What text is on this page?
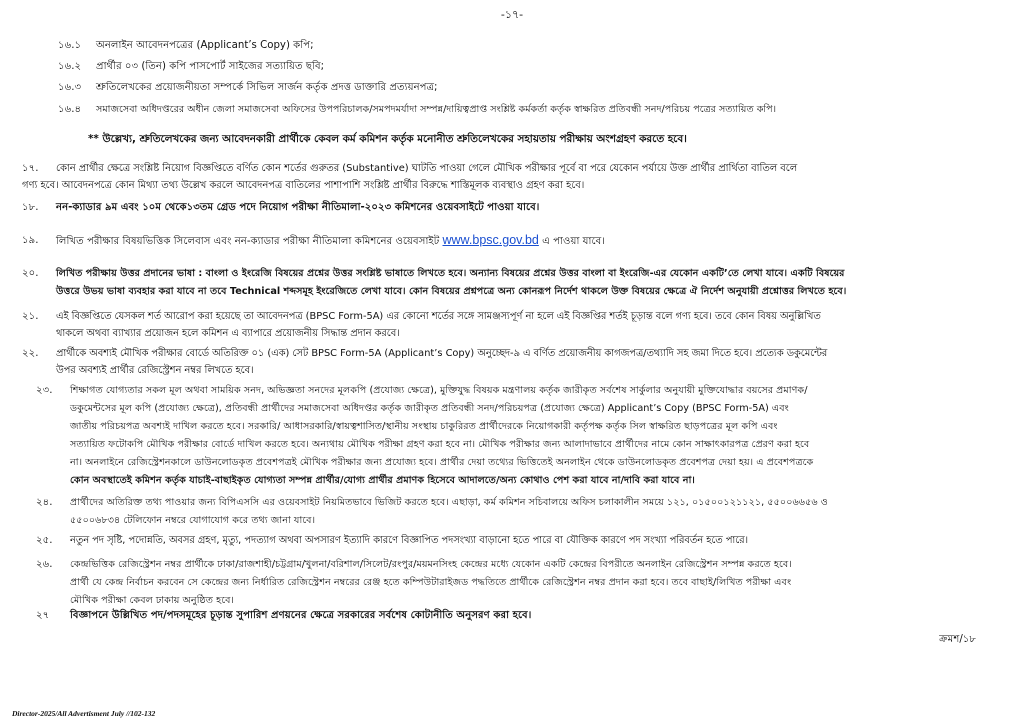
-১৭-
১৬.১ অনলাইন আবেদনপত্রের (Applicant’s Copy) কপি;
১৬.২ প্রার্থীর ০৩ (তিন) কপি পাসপোর্ট সাইজের সত্যায়িত ছবি;
১৬.৩ শ্রুতিলেখকের প্রয়োজনীয়তা সম্পর্কে সিভিল সার্জন কর্তৃক প্রদত্ত ডাক্তারি প্রত্যয়নপত্র;
১৬.৪ সমাজসেবা অধিদপ্তরের অধীন জেলা সমাজসেবা অফিসের উপপরিচালক/সমপদমর্যাদা সম্পন্ন/দায়িত্বপ্রাপ্ত সংশ্লিষ্ট কর্মকর্তা কর্তৃক স্বাক্ষরিত প্রতিবন্ধী সনদ/পরিচয় পত্রের সত্যায়িত কপি।
** উল্লেখ্য, শ্রুতিলেখকের জন্য আবেদনকারী প্রার্থীকে কেবল কর্ম কমিশন কর্তৃক মনোনীত শ্রুতিলেখকের সহায়তায় পরীক্ষায় অংশগ্রহণ করতে হবে।
১৭. কোন প্রার্থীর ক্ষেত্রে সংশ্লিষ্ট নিয়োগ বিজ্ঞপ্তিতে বর্ণিত কোন শর্তের গুরুতর (Substantive) ঘাটতি পাওয়া গেলে মৌখিক পরীক্ষার পূর্বে বা পরে যেকোন পর্যায়ে উক্ত প্রার্থীর প্রার্থিতা বাতিল বলে
গণ্য হবে। আবেদনপত্রে কোন মিথ্যা তথ্য উল্লেখ করলে আবেদনপত্র বাতিলের পাশাপাশি সংশ্লিষ্ট প্রার্থীর বিরুদ্ধে শাস্তিমূলক ব্যবস্থাও গ্রহণ করা হবে।
১৮. নন-ক্যাডার ৯ম এবং ১০ম থেকে১৩তম গ্রেড পদে নিয়োগ পরীক্ষা নীতিমালা-২০২৩ কমিশনের ওয়েবসাইটে পাওয়া যাবে।
১৯. লিখিত পরীক্ষার বিষয়ভিত্তিক সিলেবাস এবং নন-ক্যাডার পরীক্ষা নীতিমালা কমিশনের ওয়েবসাইট www.bpsc.gov.bd এ পাওয়া যাবে।
২০. লিখিত পরীক্ষায় উত্তর প্রদানের ভাষা : বাংলা ও ইংরেজি বিষয়ের প্রশ্নের উত্তর সংশ্লিষ্ট ভাষাতে লিখতে হবে। অন্যান্য বিষয়ের প্রশ্নের উত্তর বাংলা বা ইংরেজি-এর যেকোন একটি’তে লেখা যাবে। একটি বিষয়ের
উত্তরে উভয় ভাষা ব্যবহার করা যাবে না তবে Technical শব্দসমূহ ইংরেজিতে লেখা যাবে। কোন বিষয়ের প্রশ্নপত্রে অন্য কোনরূপ নির্দেশ থাকলে উক্ত বিষয়ের ক্ষেত্রে ঐ নির্দেশ অনুযায়ী প্রশ্নোত্তর লিখতে হবে।
২১. এই বিজ্ঞপ্তিতে যেসকল শর্ত আরোপ করা হয়েছে তা আবেদনপত্র (BPSC Form-5A) এর কোনো শর্তের সঙ্গে সামঞ্জস্যপূর্ণ না হলে এই বিজ্ঞপ্তির শর্তই চূড়ান্ত বলে গণ্য হবে। তবে কোন বিষয় অনুল্লিখিত
থাকলে অথবা ব্যাখ্যার প্রয়োজন হলে কমিশন এ ব্যাপারে প্রয়োজনীয় সিদ্ধান্ত প্রদান করবে।
২২. প্রার্থীকে অবশ্যই মৌখিক পরীক্ষার বোর্ডে অতিরিক্ত ০১ (এক) সেট BPSC Form-5A (Applicant’s Copy) অনুচ্ছেদ-৯ এ বর্ণিত প্রয়োজনীয় কাগজপত্র/তথ্যাদি সহ জমা দিতে হবে। প্রত্যেক ডকুমেন্টের
উপর অবশ্যই প্রার্থীর রেজিস্ট্রেশন নম্বর লিখতে হবে।
২৩. শিক্ষাগত যোগ্যতার সকল মূল অথবা সাময়িক সনদ, অভিজ্ঞতা সনদের মূলকপি (প্রযোজ্য ক্ষেত্রে), মুক্তিযুদ্ধ বিষয়ক মন্ত্রণালয় কর্তৃক জারীকৃত সর্বশেষ সার্কুলার অনুযায়ী মুক্তিযোদ্ধার বয়সের প্রমাণক/
ডকুমেন্টসের মূল কপি (প্রযোজ্য ক্ষেত্রে), প্রতিবন্ধী প্রার্থীদের সমাজসেবা অধিদপ্তর কর্তৃক জারীকৃত প্রতিবন্ধী সনদ/পরিচয়পত্র (প্রযোজ্য ক্ষেত্রে) Applicant’s Copy (BPSC Form-5A) এবং
জাতীয় পরিচয়পত্র অবশ্যই দাখিল করতে হবে। সরকারি/ আধাসরকারি/স্বায়ত্বশাসিত/স্থানীয় সংস্থায় চাকুরিরত প্রার্থীদেরকে নিয়োগকারী কর্তৃপক্ষ কর্তৃক সিল স্বাক্ষরিত ছাড়পত্রের মূল কপি এবং
সত্যায়িত ফটোকপি মৌখিক পরীক্ষার বোর্ডে দাখিল করতে হবে। অন্যথায় মৌখিক পরীক্ষা গ্রহণ করা হবে না। মৌখিক পরীক্ষার জন্য আলাদাভাবে প্রার্থীদের নামে কোন সাক্ষাৎকারপত্র প্রেরণ করা হবে
না। অনলাইনে রেজিস্ট্রেশনকালে ডাউনলোডকৃত প্রবেশপত্রই মৌখিক পরীক্ষার জন্য প্রযোজ্য হবে। প্রার্থীর দেয়া তথ্যের ভিত্তিতেই অনলাইন থেকে ডাউনলোডকৃত প্রবেশপত্র দেয়া হয়। এ প্রবেশপত্রকে
কোন অবস্থাতেই কমিশন কর্তৃক যাচাই-বাছাইকৃত যোগ্যতা সম্পন্ন প্রার্থীর/যোগ্য প্রার্থীর প্রমাণক হিসেবে আদালতে/অন্য কোথাও পেশ করা যাবে না/দাবি করা যাবে না।
২৪. প্রার্থীদের অতিরিক্ত তথ্য পাওয়ার জন্য বিপিএসসি এর ওয়েবসাইট নিয়মিতভাবে ভিজিট করতে হবে। এছাড়া, কর্ম কমিশন সচিবালয়ে অফিস চলাকালীন সময়ে ১২১, ০১৫০০১২১১২১, ৫৫০০৬৬৫৬ ও
৫৫০০৬৮৩৪ টেলিফোন নম্বরে যোগাযোগ করে তথ্য জানা যাবে।
২৫. নতুন পদ সৃষ্টি, পদোন্নতি, অবসর গ্রহণ, মৃত্যু, পদত্যাগ অথবা অপসারণ ইত্যাদি কারণে বিজ্ঞাপিত পদসংখ্যা বাড়ানো হতে পারে বা যৌক্তিক কারণে পদ সংখ্যা পরিবর্তন হতে পারে।
২৬. কেন্দ্রভিত্তিক রেজিস্ট্রেশন নম্বর প্রার্থীকে ঢাকা/রাজশাহী/চট্টগ্রাম/খুলনা/বরিশাল/সিলেট/রংপুর/ময়মনসিংহ কেন্দ্রের মধ্যে যেকোন একটি কেন্দ্রের বিপরীতে অনলাইন রেজিস্ট্রেশন সম্পন্ন করতে হবে।
প্রার্থী যে কেন্দ্র নির্বাচন করবেন সে কেন্দ্রের জন্য নির্ধারিত রেজিস্ট্রেশন নম্বরের রেঞ্জ হতে কম্পিউটারাইজড পদ্ধতিতে প্রার্থীকে রেজিস্ট্রেশন নম্বর প্রদান করা হবে। তবে বাছাই/লিখিত পরীক্ষা এবং
মৌখিক পরীক্ষা কেবল ঢাকায় অনুষ্ঠিত হবে।
২৭ বিজ্ঞাপনে উল্লিখিত পদ/পদসমূহের চূড়ান্ত সুপারিশ প্রণয়নের ক্ষেত্রে সরকারের সর্বশেষ কোটানীতি অনুসরণ করা হবে।
ক্রমশ/১৮
Director-2025/All Advertisment July //102-132
